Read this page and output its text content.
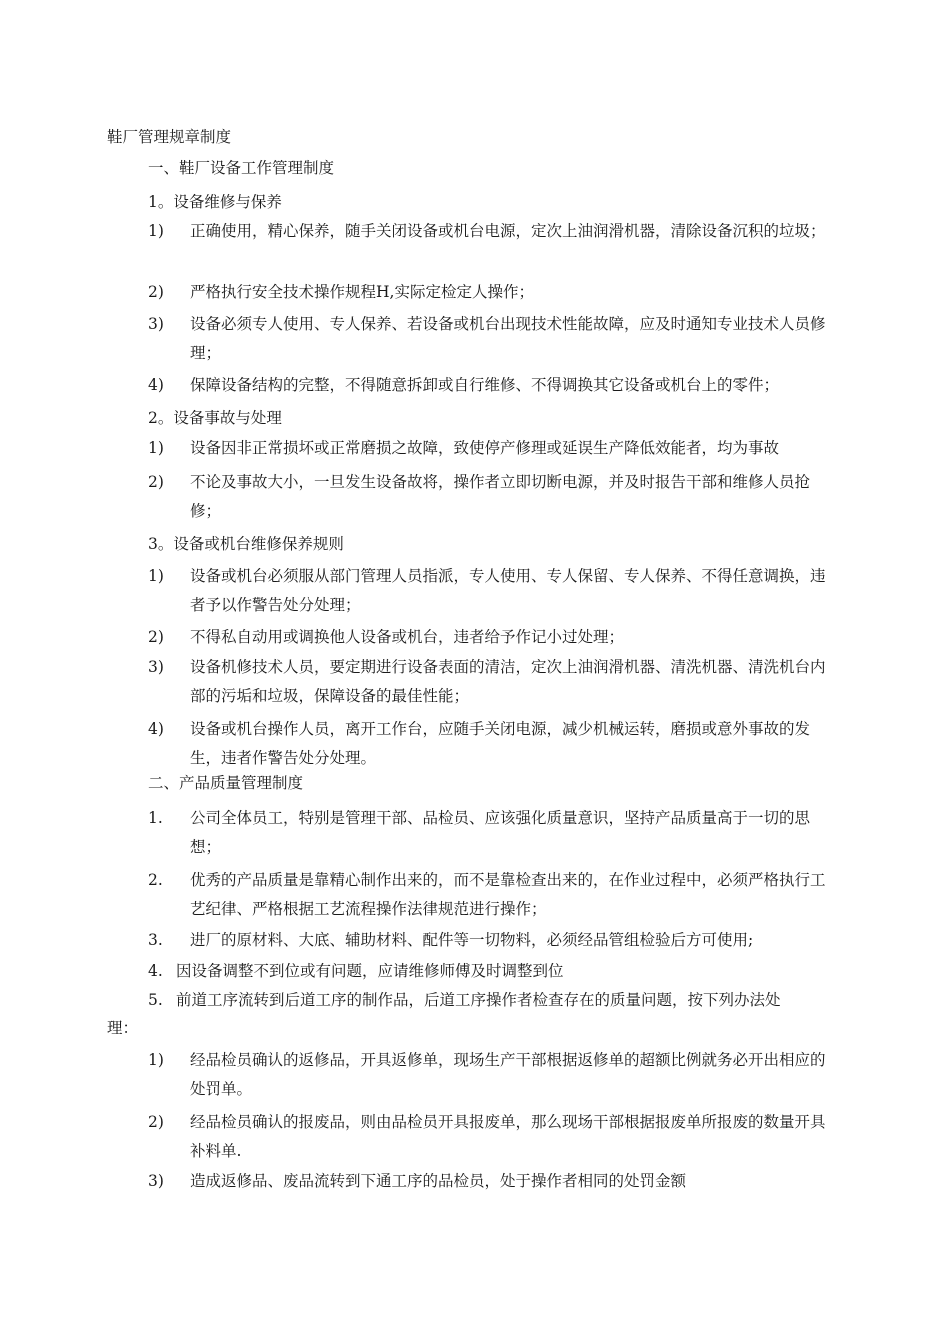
鞋厂管理规章制度
一、鞋厂设备工作管理制度
1。设备维修与保养
1) 正确使用，精心保养，随手关闭设备或机台电源，定次上油润滑机器，清除设备沉积的垃圾；
2) 严格执行安全技术操作规程H,实际定检定人操作；
3) 设备必须专人使用、专人保养、若设备或机台出现技术性能故障，应及时通知专业技术人员修理；
4) 保障设备结构的完整，不得随意拆卸或自行维修、不得调换其它设备或机台上的零件；
2。设备事故与处理
1) 设备因非正常损坏或正常磨损之故障，致使停产修理或延误生产降低效能者，均为事故
2) 不论及事故大小，一旦发生设备故将，操作者立即切断电源，并及时报告干部和维修人员抢修；
3。设备或机台维修保养规则
1) 设备或机台必须服从部门管理人员指派，专人使用、专人保留、专人保养、不得任意调换，违者予以作警告处分处理；
2) 不得私自动用或调换他人设备或机台，违者给予作记小过处理；
3) 设备机修技术人员，要定期进行设备表面的清洁，定次上油润滑机器、清洗机器、清洗机台内部的污垢和垃圾，保障设备的最佳性能；
4) 设备或机台操作人员，离开工作台，应随手关闭电源，减少机械运转，磨损或意外事故的发生，违者作警告处分处理。
二、产品质量管理制度
1. 公司全体员工，特别是管理干部、品检员、应该强化质量意识，坚持产品质量高于一切的思想；
2. 优秀的产品质量是靠精心制作出来的，而不是靠检查出来的，在作业过程中，必须严格执行工艺纪律、严格根据工艺流程操作法律规范进行操作；
3. 进厂的原材料、大底、辅助材料、配件等一切物料，必须经品管组检验后方可使用;
4. 因设备调整不到位或有问题，应请维修师傅及时调整到位
5. 前道工序流转到后道工序的制作品，后道工序操作者检查存在的质量问题，按下列办法处
理：
1) 经品检员确认的返修品，开具返修单，现场生产干部根据返修单的超额比例就务必开出相应的处罚单。
2) 经品检员确认的报废品，则由品检员开具报废单，那么现场干部根据报废单所报废的数量开具补料单.
3) 造成返修品、废品流转到下通工序的品检员，处于操作者相同的处罚金额
